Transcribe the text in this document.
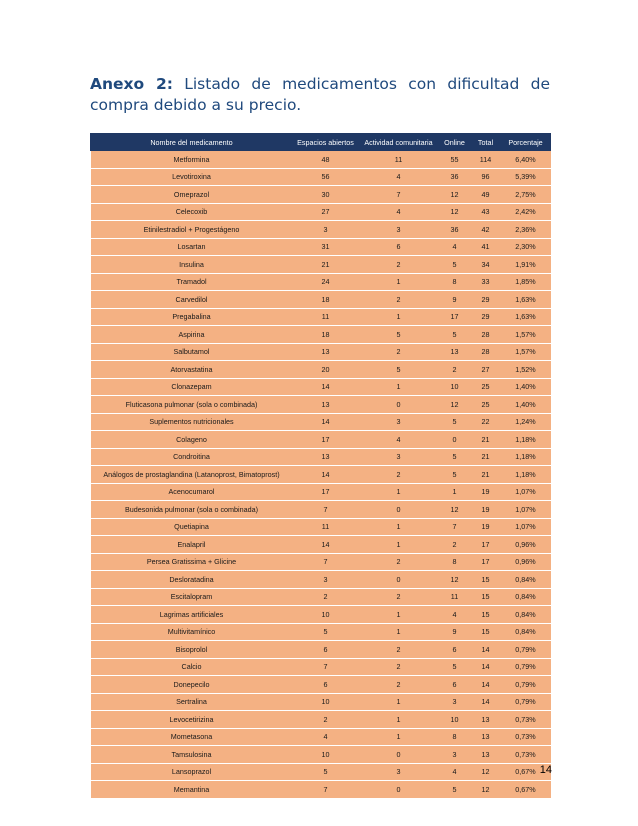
Anexo 2: Listado de medicamentos con dificultad de compra debido a su precio.

Nombre del medicamento	Espacios abiertos	Actividad comunitaria	Online	Total	Porcentaje
Metformina	48	11	55	114	6,40%
Levotiroxina	56	4	36	96	5,39%
Omeprazol	30	7	12	49	2,75%
Celecoxib	27	4	12	43	2,42%
Etinilestradiol + Progestágeno	3	3	36	42	2,36%
Losartan	31	6	4	41	2,30%
Insulina	21	2	5	34	1,91%
Tramadol	24	1	8	33	1,85%
Carvedilol	18	2	9	29	1,63%
Pregabalina	11	1	17	29	1,63%
Aspirina	18	5	5	28	1,57%
Salbutamol	13	2	13	28	1,57%
Atorvastatina	20	5	2	27	1,52%
Clonazepam	14	1	10	25	1,40%
Fluticasona pulmonar (sola o combinada)	13	0	12	25	1,40%
Suplementos nutricionales	14	3	5	22	1,24%
Colageno	17	4	0	21	1,18%
Condroitina	13	3	5	21	1,18%
Análogos de prostaglandina (Latanoprost, Bimatoprost)	14	2	5	21	1,18%
Acenocumarol	17	1	1	19	1,07%
Budesonida pulmonar (sola o combinada)	7	0	12	19	1,07%
Quetiapina	11	1	7	19	1,07%
Enalapril	14	1	2	17	0,96%
Persea Gratissima + Glicine	7	2	8	17	0,96%
Desloratadina	3	0	12	15	0,84%
Escitalopram	2	2	11	15	0,84%
Lagrimas artificiales	10	1	4	15	0,84%
Multivitamínico	5	1	9	15	0,84%
Bisoprolol	6	2	6	14	0,79%
Calcio	7	2	5	14	0,79%
Donepecilo	6	2	6	14	0,79%
Sertralina	10	1	3	14	0,79%
Levocetirizina	2	1	10	13	0,73%
Mometasona	4	1	8	13	0,73%
Tamsulosina	10	0	3	13	0,73%
Lansoprazol	5	3	4	12	0,67%
Memantina	7	0	5	12	0,67%
14
